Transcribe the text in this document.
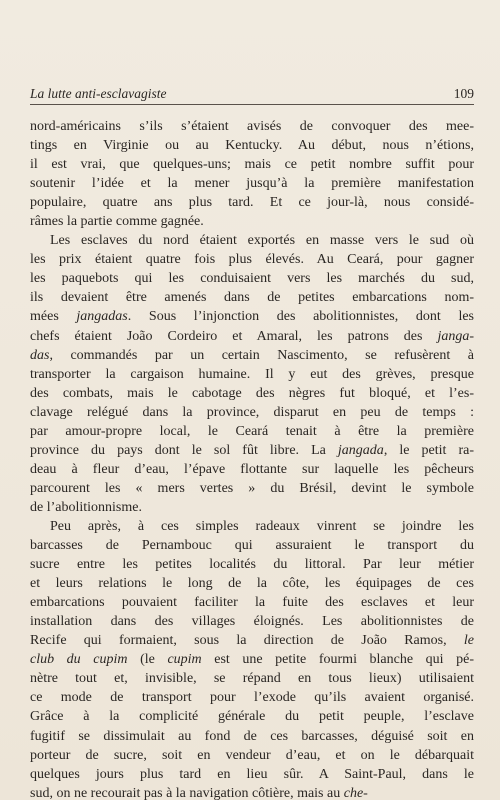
La lutte anti-esclavagiste	109
nord-américains s’ils s’étaient avisés de convoquer des mee-
tings en Virginie ou au Kentucky. Au début, nous n’étions,
il est vrai, que quelques-uns; mais ce petit nombre suffit pour
soutenir l’idée et la mener jusqu’à la première manifestation
populaire, quatre ans plus tard. Et ce jour-là, nous considé-
râmes la partie comme gagnée.
Les esclaves du nord étaient exportés en masse vers le sud où
les prix étaient quatre fois plus élevés. Au Ceará, pour gagner
les paquebots qui les conduisaient vers les marchés du sud,
ils devaient être amenés dans de petites embarcations nom-
mées jangadas. Sous l’injonction des abolitionnistes, dont les
chefs étaient João Cordeiro et Amaral, les patrons des janga-
das, commandés par un certain Nascimento, se refusèrent à
transporter la cargaison humaine. Il y eut des grèves, presque
des combats, mais le cabotage des nègres fut bloqué, et l’es-
clavage relégué dans la province, disparut en peu de temps :
par amour-propre local, le Ceará tenait à être la première
province du pays dont le sol fût libre. La jangada, le petit ra-
deau à fleur d’eau, l’épave flottante sur laquelle les pêcheurs
parcourent les « mers vertes » du Brésil, devint le symbole
de l’abolitionnisme.
Peu après, à ces simples radeaux vinrent se joindre les
barcasses de Pernambouc qui assuraient le transport du
sucre entre les petites localités du littoral. Par leur métier
et leurs relations le long de la côte, les équipages de ces
embarcations pouvaient faciliter la fuite des esclaves et leur
installation dans des villages éloignés. Les abolitionnistes de
Recife qui formaient, sous la direction de João Ramos, le
club du cupim (le cupim est une petite fourmi blanche qui pé-
nètre tout et, invisible, se répand en tous lieux) utilisaient
ce mode de transport pour l’exode qu’ils avaient organisé.
Grâce à la complicité générale du petit peuple, l’esclave
fugitif se dissimulait au fond de ces barcasses, déguisé soit en
porteur de sucre, soit en vendeur d’eau, et on le débarquait
quelques jours plus tard en lieu sûr. A Saint-Paul, dans le
sud, on ne recourait pas à la navigation côtière, mais au che-
